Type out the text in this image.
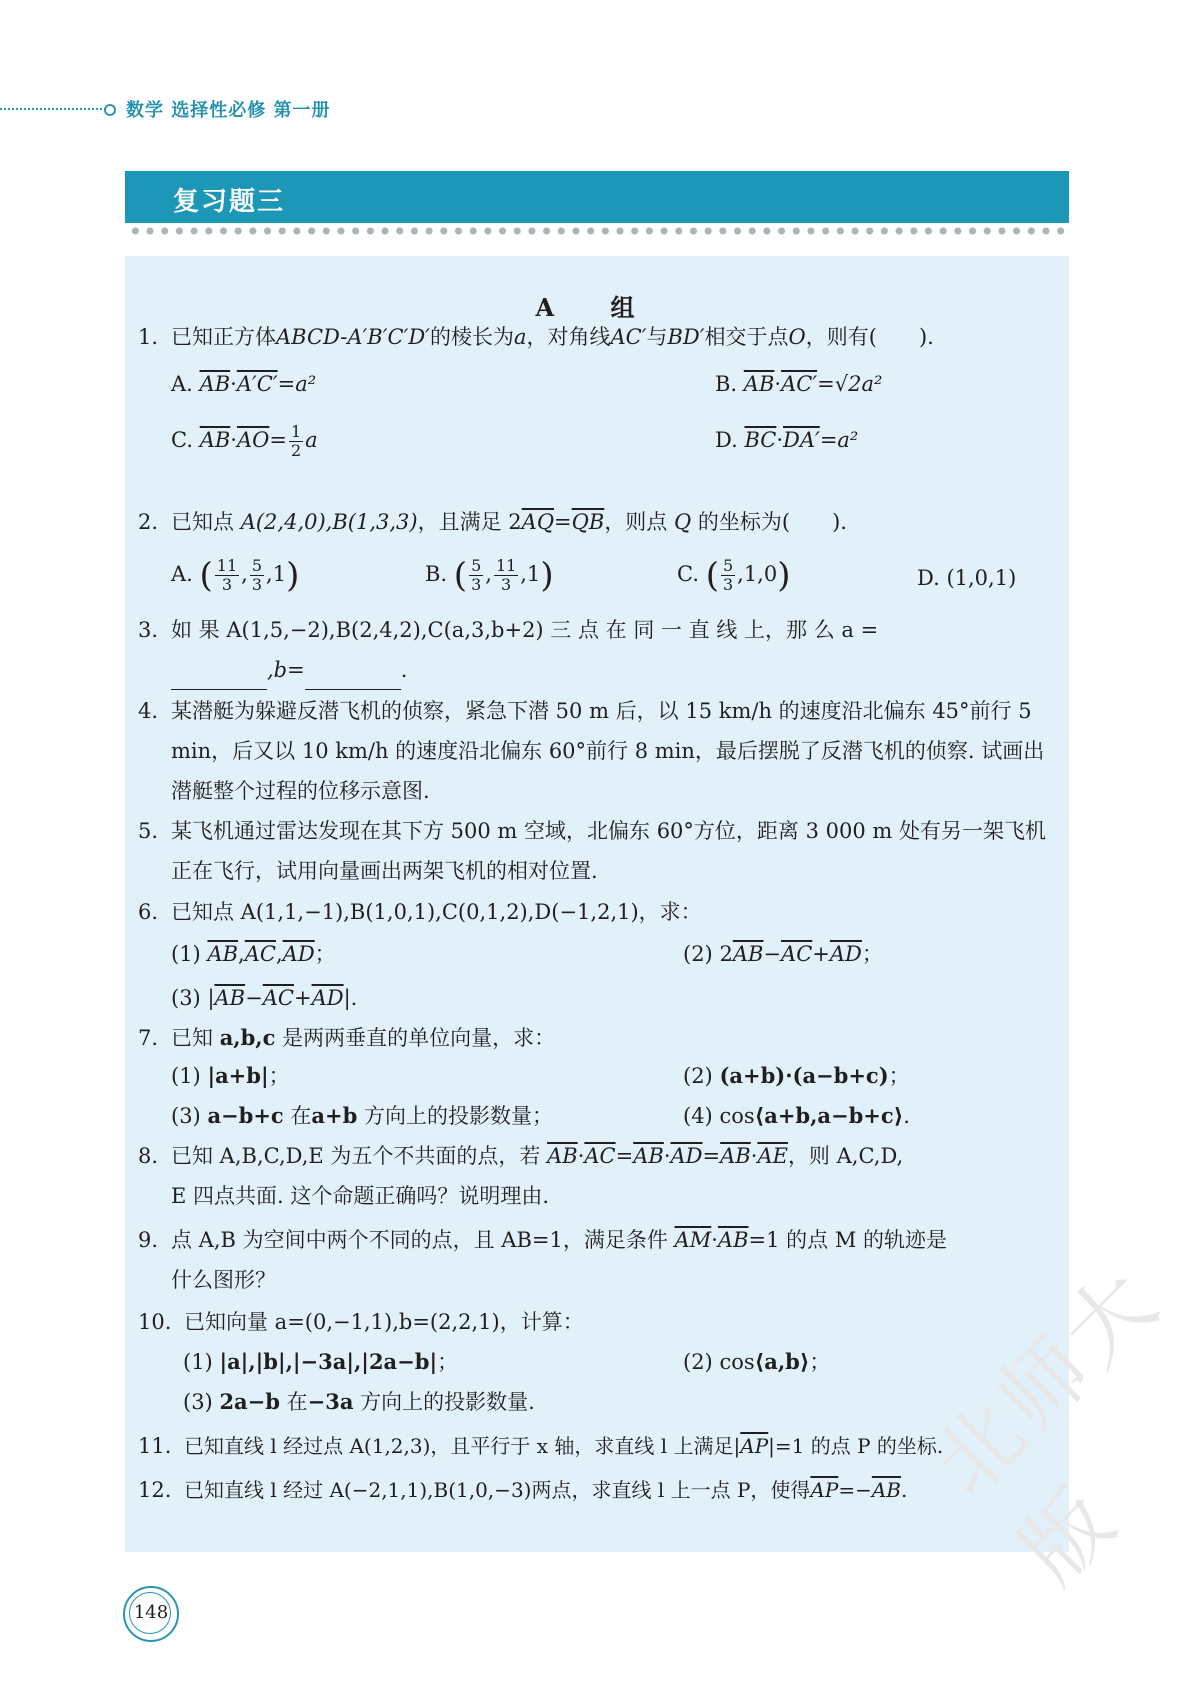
数学 选择性必修 第一册
复习题三
A 组
1. 已知正方体ABCD-A′B′C′D′的棱长为a，对角线AC′与BD′相交于点O，则有(　　).
A. $\overline{AB}\cdot A'C'=a^2$	B. $\overline{AB}\cdot AC'=√2a^2$
C. $\overline{AB}\cdot\overline{AO}= \frac{1}{2}$ a	D. $\overline{BC}\cdot DA'=a^2$
2. 已知点 A(2,4,0),B(1,3,3)，且满足 $2\overline{AQ}=\overline{QB}$，则点 Q 的坐标为(　　).
A. ( $\frac{11}{3}$ , $\frac{5}{3} ,1$)	B. ( $\frac{5}{3}$ , $\frac{11}{3} ,1$)	C. ( $\frac{5}{3} ,1,0$)	D. (1,0,1)
3. 如 果 A(1,5,−2),B(2,4,2),C(a,3,b+2) 三 点 在 同 一 直 线 上，那 么 a =
,b=	.
4. 某潜艇为躲避反潜飞机的侦察，紧急下潜 50 m 后，以 15 km/h 的速度沿北偏东 45°前行 5 min，后又以 10 km/h 的速度沿北偏东 60°前行 8 min，最后摆脱了反潜飞机的侦察. 试画出潜艇整个过程的位移示意图.
5. 某飞机通过雷达发现在其下方 500 m 空域，北偏东 60°方位，距离 3 000 m 处有另一架飞机正在飞行，试用向量画出两架飞机的相对位置.
6. 已知点 A(1,1,−1),B(1,0,1),C(0,1,2),D(−1,2,1)，求：
(1) $\overline{AB},\overline{AC},\overline{AD}$；	(2) $2\overline{AB}-\overline{AC}+\overline{AD}$；
(3) $|\overline{AB}-\overline{AC}+\overline{AD}|$.
7. 已知 a,b,c 是两两垂直的单位向量，求：
(1) |a+b|；	(2) (a+b)·(a−b+c)；
(3) a−b+c 在a+b 方向上的投影数量；	(4) cos⟨a+b,a−b+c⟩.
8. 已知 A,B,C,D,E 为五个不共面的点，若 $\overline{AB}\cdot\overline{AC}=\overline{AB}\cdot\overline{AD}=\overline{AB}\cdot\overline{AE}$，则 A,C,D,
E 四点共面. 这个命题正确吗？说明理由.
9. 点 A,B 为空间中两个不同的点，且 AB=1，满足条件 $\overline{AM}\cdot\overline{AB}=1$ 的点 M 的轨迹是
什么图形？
10. 已知向量 a=(0,−1,1),b=(2,2,1)，计算：
(1) |a|,|b|,|−3a|,|2a−b|；	(2) cos⟨a,b⟩；
(3) 2a−b 在−3a 方向上的投影数量.
11. 已知直线 l 经过点 A(1,2,3)，且平行于 x 轴，求直线 l 上满足$|\overline{AP}|=1$ 的点 P 的坐标.
12. 已知直线 l 经过 A(−2,1,1),B(1,0,−3)两点，求直线 l 上一点 P，使得$\overline{AP}=-\overline{AB}$.
148
北师大版
